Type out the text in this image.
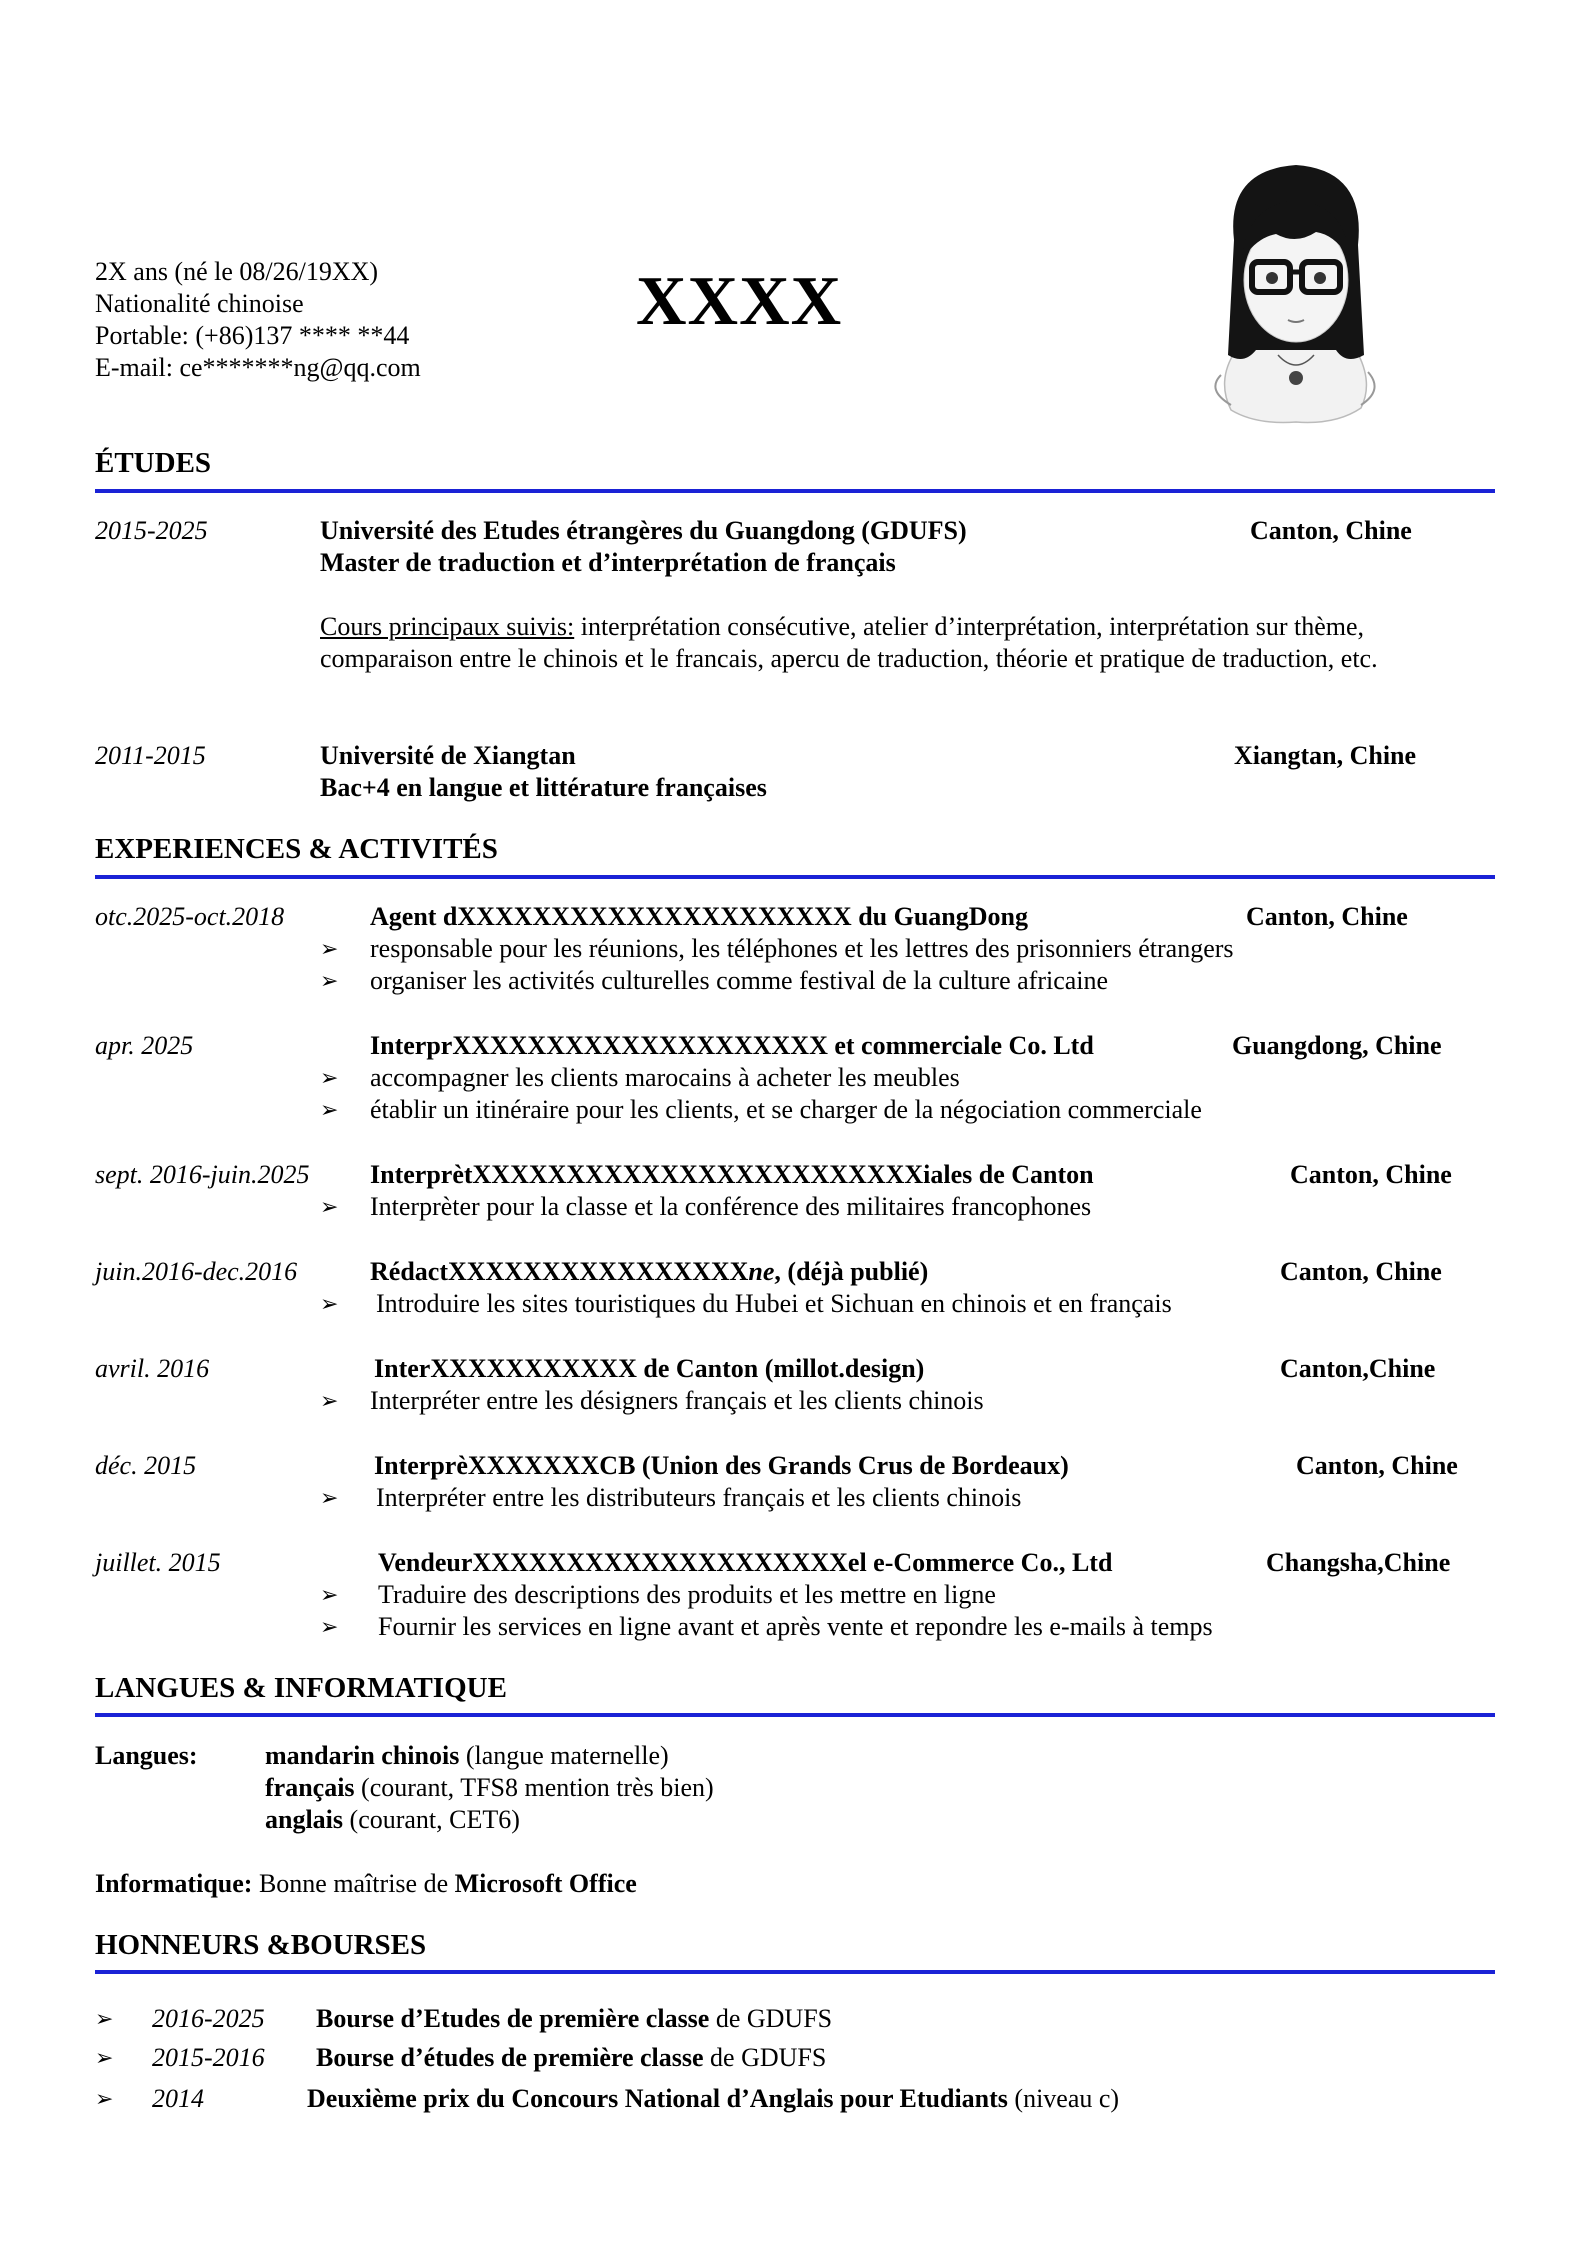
2X ans (né le 08/26/19XX)
Nationalité chinoise
Portable: (+86)137 **** **44
E-mail: ce*******ng@qq.com
XXXX
ÉTUDES
2015-2025	Université des Etudes étrangères du Guangdong (GDUFS)	Canton, Chine
Master de traduction et d’interprétation de français
Cours principaux suivis: interprétation consécutive, atelier d’interprétation, interprétation sur thème, comparaison entre le chinois et le francais, apercu de traduction, théorie et pratique de traduction, etc.
2011-2015	Université de Xiangtan	Xiangtan, Chine
Bac+4 en langue et littérature françaises
EXPERIENCES & ACTIVITÉS
otc.2025-oct.2018	Agent dXXXXXXXXXXXXXXXXXXXXX du GuangDong	Canton, Chine
➢ responsable pour les réunions, les téléphones et les lettres des prisonniers étrangers
➢ organiser les activités culturelles comme festival de la culture africaine
apr. 2025	InterprXXXXXXXXXXXXXXXXXXXX et commerciale Co. Ltd	Guangdong, Chine
➢ accompagner les clients marocains à acheter les meubles
➢ établir un itinéraire pour les clients, et se charger de la négociation commerciale
sept. 2016-juin.2025 InterprètXXXXXXXXXXXXXXXXXXXXXXXXiales de Canton	Canton, Chine
➢ Interprèter pour la classe et la conférence des militaires francophones
juin.2016-dec.2016	RédactXXXXXXXXXXXXXXXXne, (déjà publié)	Canton, Chine
➢ Introduire les sites touristiques du Hubei et Sichuan en chinois et en français
avril. 2016	InterXXXXXXXXXXX de Canton (millot.design)	Canton,Chine
➢ Interpréter entre les désigners français et les clients chinois
déc. 2015	InterprèXXXXXXXCB (Union des Grands Crus de Bordeaux)	Canton, Chine
➢ Interpréter entre les distributeurs français et les clients chinois
juillet. 2015	VendeurXXXXXXXXXXXXXXXXXXXXel e-Commerce Co., Ltd	Changsha,Chine
➢ Traduire des descriptions des produits et les mettre en ligne
➢ Fournir les services en ligne avant et après vente et repondre les e-mails à temps
LANGUES & INFORMATIQUE
Langues:	mandarin chinois (langue maternelle)
français (courant, TFS8 mention très bien)
anglais (courant, CET6)
Informatique: Bonne maîtrise de Microsoft Office
HONNEURS &BOURSES
➢ 2016-2025 Bourse d’Etudes de première classe de GDUFS
➢ 2015-2016 Bourse d’études de première classe de GDUFS
➢ 2014	Deuxième prix du Concours National d’Anglais pour Etudiants (niveau c)
